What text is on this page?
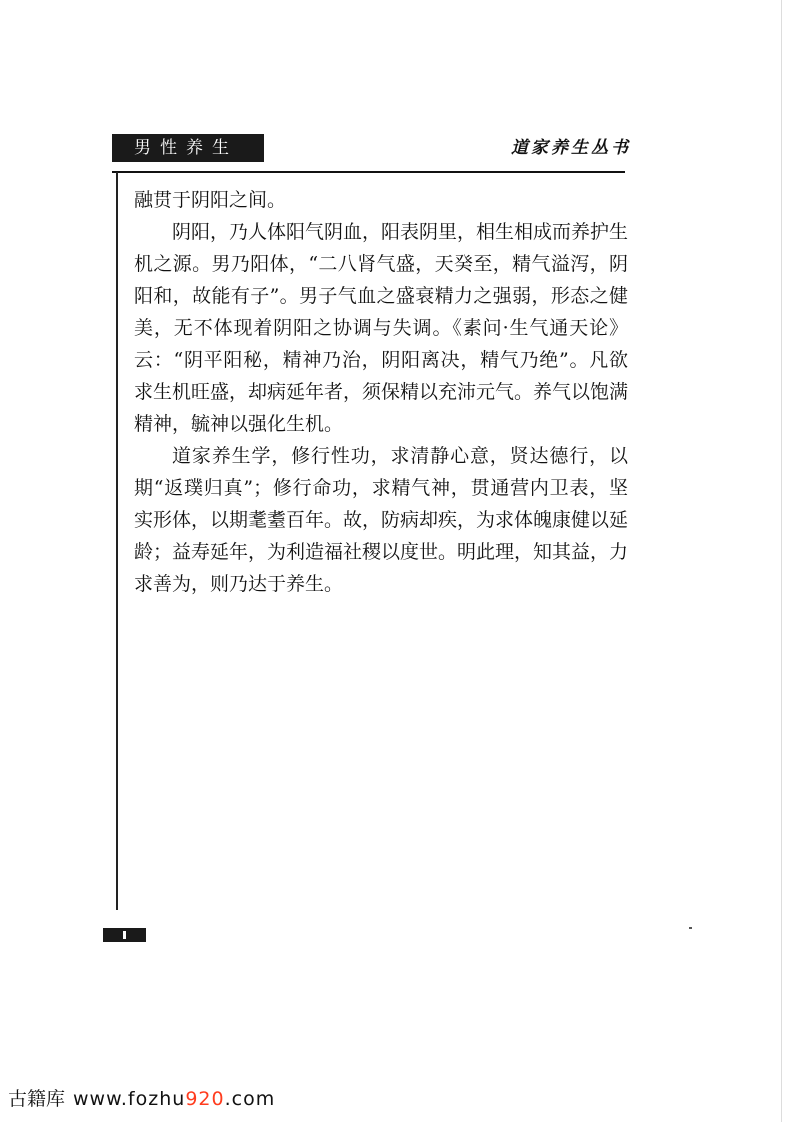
男性养生	道家养生丛书

融贯于阴阳之间。

阴阳，乃人体阳气阴血，阳表阴里，相生相成而养护生机之源。男乃阳体，“二八肾气盛，天癸至，精气溢泻，阴阳和，故能有子”。男子气血之盛衰精力之强弱，形态之健美，无不体现着阴阳之协调与失调。《素问·生气通天论》云：“阴平阳秘，精神乃治，阴阳离决，精气乃绝”。凡欲求生机旺盛，却病延年者，须保精以充沛元气。养气以饱满精神，毓神以强化生机。

道家养生学，修行性功，求清静心意，贤达德行，以期“返璞归真”；修行命功，求精气神，贯通营内卫表，坚实形体，以期耄耋百年。故，防病却疾，为求体魄康健以延龄；益寿延年，为利造福社稷以度世。明此理，知其益，力求善为，则乃达于养生。

古籍库 www.fozhu920.com
